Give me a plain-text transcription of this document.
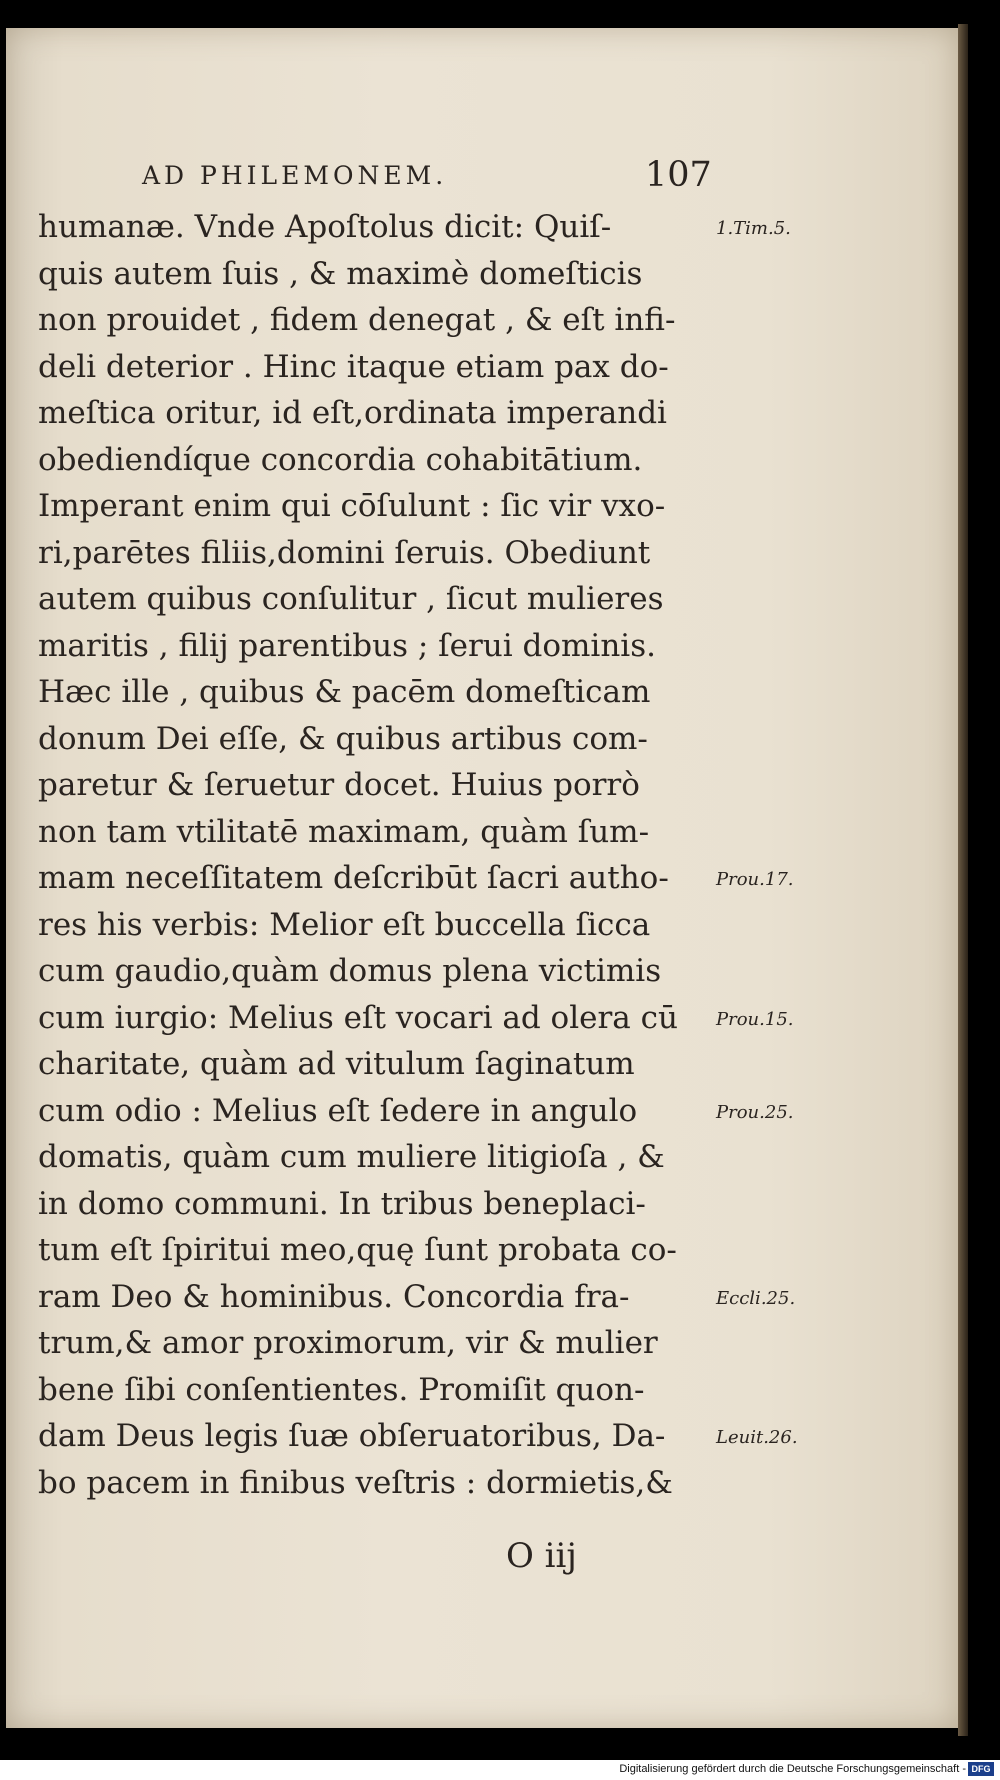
AD PHILEMONEM.	107
humanæ. Vnde Apoſtolus dicit: Quiſ-
quis autem ſuis , & maximè domeſticis
non prouidet , fidem denegat , & eſt infi-
deli deterior . Hinc itaque etiam pax do-
meſtica oritur, id eſt,ordinata imperandi
obediendíque concordia cohabitātium.
Imperant enim qui cōſulunt : ſic vir vxo-
ri,parētes filiis,domini ſeruis. Obediunt
autem quibus conſulitur , ſicut mulieres
maritis , filij parentibus ; ſerui dominis.
Hæc ille , quibus & pacēm domeſticam
donum Dei eſſe, & quibus artibus com-
paretur & ſeruetur docet. Huius porrò
non tam vtilitatē maximam, quàm ſum-
mam neceſſitatem deſcribūt ſacri autho-
res his verbis: Melior eſt buccella ſicca
cum gaudio,quàm domus plena victimis
cum iurgio: Melius eſt vocari ad olera cū
charitate, quàm ad vitulum ſaginatum
cum odio : Melius eſt ſedere in angulo
domatis, quàm cum muliere litigioſa , &
in domo communi. In tribus beneplaci-
tum eſt ſpiritui meo,quę ſunt probata co-
ram Deo & hominibus. Concordia fra-
trum,& amor proximorum, vir & mulier
bene ſibi conſentientes. Promiſit quon-
dam Deus legis ſuæ obſeruatoribus, Da-
bo pacem in finibus veſtris : dormietis,&
1.Tim.5.
Prou.17.
Prou.15.
Prou.25.
Eccli.25.
Leuit.26.
O iij
Digitalisierung gefördert durch die Deutsche Forschungsgemeinschaft - DFG
